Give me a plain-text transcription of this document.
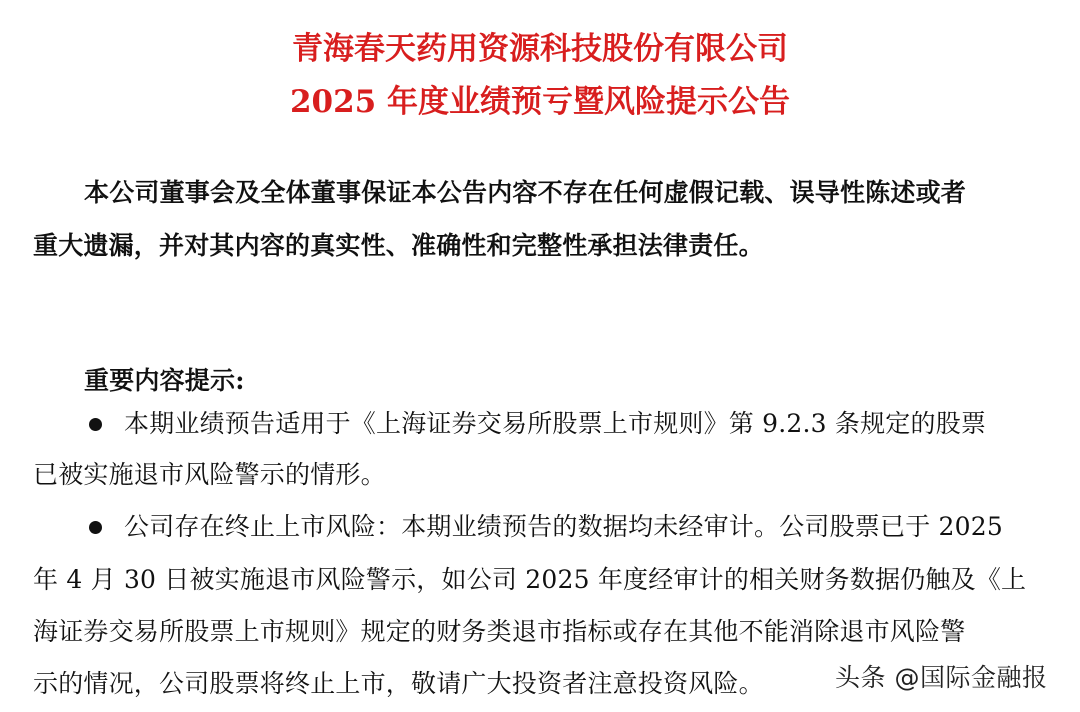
青海春天药用资源科技股份有限公司
2025 年度业绩预亏暨风险提示公告
本公司董事会及全体董事保证本公告内容不存在任何虚假记载、误导性陈述或者
重大遗漏，并对其内容的真实性、准确性和完整性承担法律责任。
重要内容提示:
本期业绩预告适用于《上海证券交易所股票上市规则》第 9.2.3 条规定的股票
已被实施退市风险警示的情形。
公司存在终止上市风险：本期业绩预告的数据均未经审计。公司股票已于 2025
年 4 月 30 日被实施退市风险警示，如公司 2025 年度经审计的相关财务数据仍触及《上
海证券交易所股票上市规则》规定的财务类退市指标或存在其他不能消除退市风险警
示的情况，公司股票将终止上市，敬请广大投资者注意投资风险。	头条 @国际金融报
